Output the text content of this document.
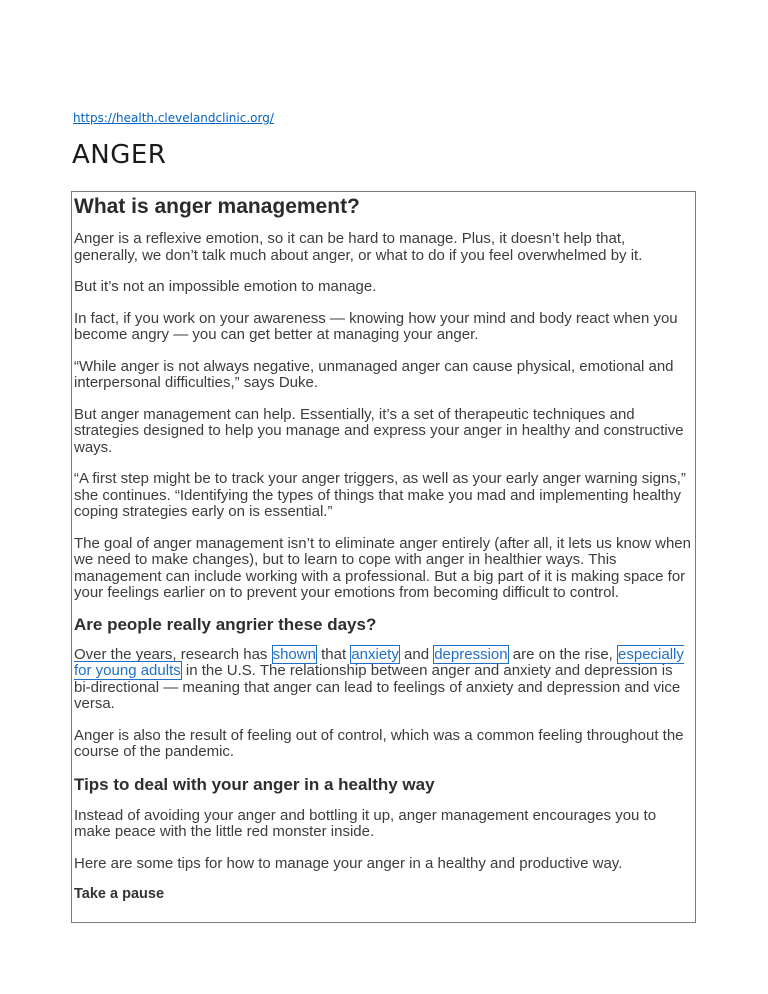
https://health.clevelandclinic.org/
ANGER
What is anger management?

Anger is a reflexive emotion, so it can be hard to manage. Plus, it doesn’t help that, generally, we don’t talk much about anger, or what to do if you feel overwhelmed by it.

But it’s not an impossible emotion to manage.

In fact, if you work on your awareness — knowing how your mind and body react when you become angry — you can get better at managing your anger.

“While anger is not always negative, unmanaged anger can cause physical, emotional and interpersonal difficulties,” says Duke.

But anger management can help. Essentially, it’s a set of therapeutic techniques and strategies designed to help you manage and express your anger in healthy and constructive ways.

“A first step might be to track your anger triggers, as well as your early anger warning signs,” she continues. “Identifying the types of things that make you mad and implementing healthy coping strategies early on is essential.”

The goal of anger management isn’t to eliminate anger entirely (after all, it lets us know when we need to make changes), but to learn to cope with anger in healthier ways. This management can include working with a professional. But a big part of it is making space for your feelings earlier on to prevent your emotions from becoming difficult to control.

Are people really angrier these days?

Over the years, research has shown that anxiety and depression are on the rise, especially for young adults in the U.S. The relationship between anger and anxiety and depression is bi-directional — meaning that anger can lead to feelings of anxiety and depression and vice versa.

Anger is also the result of feeling out of control, which was a common feeling throughout the course of the pandemic.

Tips to deal with your anger in a healthy way

Instead of avoiding your anger and bottling it up, anger management encourages you to make peace with the little red monster inside.

Here are some tips for how to manage your anger in a healthy and productive way.

Take a pause
